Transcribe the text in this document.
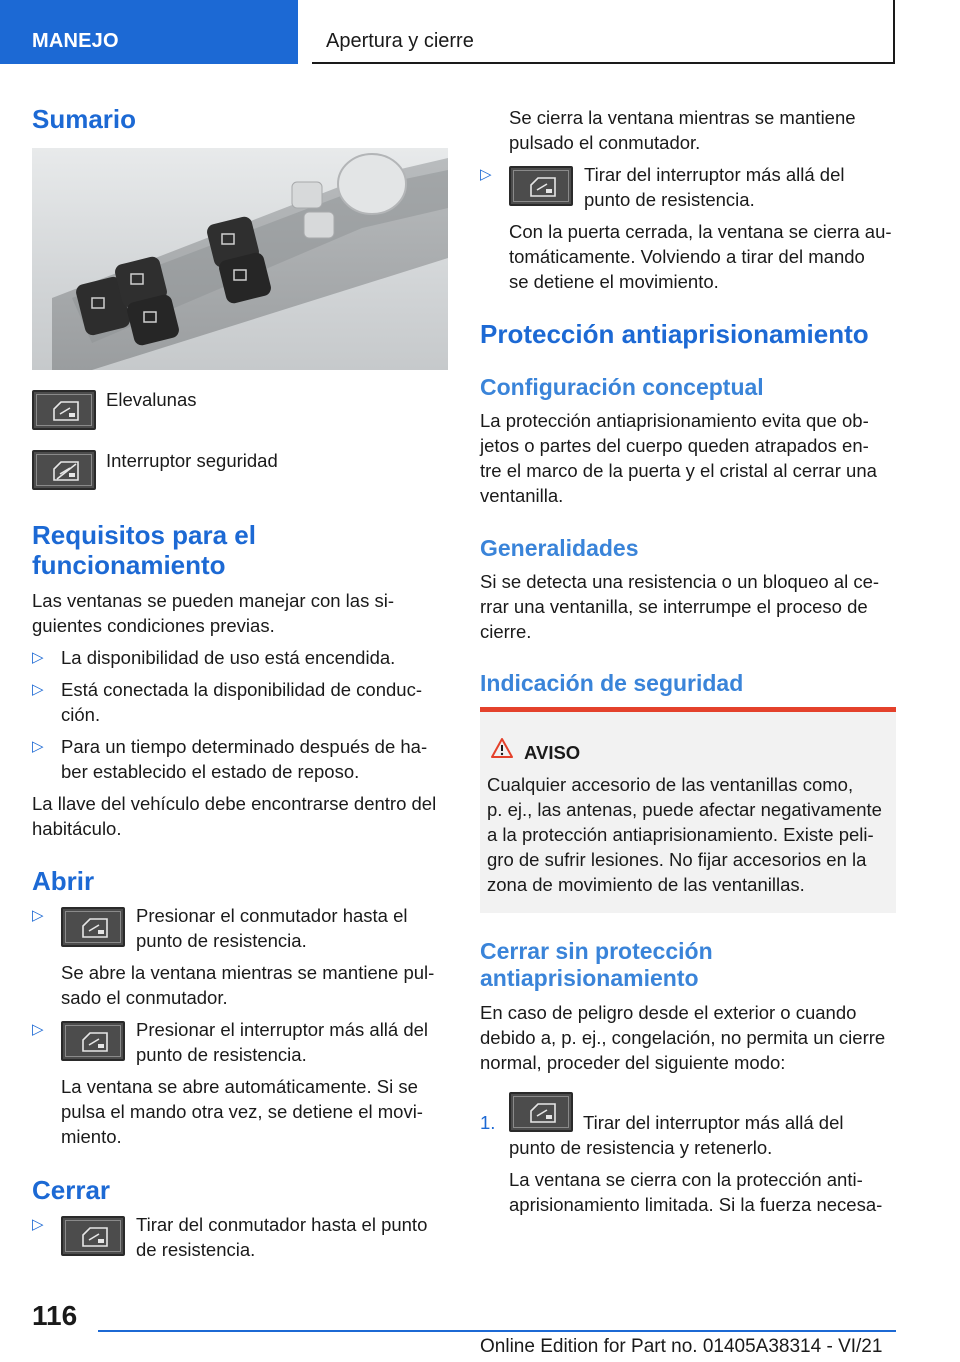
MANEJO	Apertura y cierre
Sumario
Elevalunas
Interruptor seguridad
Requisitos para el
funcionamiento
Las ventanas se pueden manejar con las si-
guientes condiciones previas.
▷ La disponibilidad de uso está encendida.
▷ Está conectada la disponibilidad de conduc-
ción.
▷ Para un tiempo determinado después de ha-
ber establecido el estado de reposo.
La llave del vehículo debe encontrarse dentro del
habitáculo.
Abrir
▷	Presionar el conmutador hasta el
punto de resistencia.
Se abre la ventana mientras se mantiene pul-
sado el conmutador.
▷	Presionar el interruptor más allá del
punto de resistencia.
La ventana se abre automáticamente. Si se
pulsa el mando otra vez, se detiene el movi-
miento.
Cerrar
▷	Tirar del conmutador hasta el punto
de resistencia.
Se cierra la ventana mientras se mantiene
pulsado el conmutador.
▷	Tirar del interruptor más allá del
punto de resistencia.
Con la puerta cerrada, la ventana se cierra au-
tomáticamente. Volviendo a tirar del mando
se detiene el movimiento.
Protección antiaprisionamiento
Configuración conceptual
La protección antiaprisionamiento evita que ob-
jetos o partes del cuerpo queden atrapados en-
tre el marco de la puerta y el cristal al cerrar una
ventanilla.
Generalidades
Si se detecta una resistencia o un bloqueo al ce-
rrar una ventanilla, se interrumpe el proceso de
cierre.
Indicación de seguridad
AVISO
Cualquier accesorio de las ventanillas como,
p. ej., las antenas, puede afectar negativamente
a la protección antiaprisionamiento. Existe peli-
gro de sufrir lesiones. No fijar accesorios en la
zona de movimiento de las ventanillas.
Cerrar sin protección
antiaprisionamiento
En caso de peligro desde el exterior o cuando
debido a, p. ej., congelación, no permita un cierre
normal, proceder del siguiente modo:
1.	Tirar del interruptor más allá del
punto de resistencia y retenerlo.
La ventana se cierra con la protección anti-
aprisionamiento limitada. Si la fuerza necesa-
116
Online Edition for Part no. 01405A38314 - VI/21
